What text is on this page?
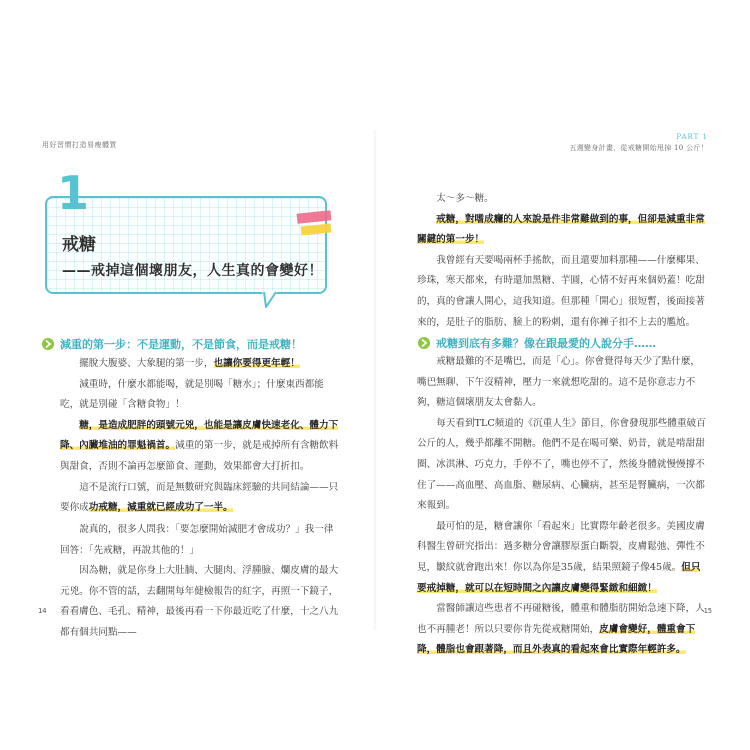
用好習慣打造易瘦體質
1
戒糖
——戒掉這個壞朋友，人生真的會變好！
減重的第一步：不是運動，不是節食，而是戒糖！

擺脫大腹婆、大象腿的第一步，也讓你要得更年輕！

減重時，什麼水都能喝，就是別喝「糖水」；什麼東西都能吃，就是別碰「含糖食物」！

糖，是造成肥胖的頭號元兇，也能是讓皮膚快速老化、體力下降、內臟堆油的罪魁禍首。減重的第一步，就是戒掉所有含糖飲料與甜食，否則不論再怎麼節食、運動，效果都會大打折扣。

這不是流行口號，而是無數研究與臨床經驗的共同結論——只要你成功戒糖，減重就已經成功了一半。

說真的，很多人問我：「要怎麼開始減肥才會成功？」我一律回答：「先戒糖，再說其他的！」

因為糖，就是你身上大肚腩、大腿肉、浮腫臉、爛皮膚的最大元兇。你不管的話，去翻開每年健檢報告的紅字，再照一下鏡子，看看膚色、毛孔、精神，最後再看一下你最近吃了什麼，十之八九都有個共同點——

14
PART 1
五週變身計畫，從戒糖開始甩掉 10 公斤！

太～多～糖。

戒糖，對嗜成癮的人來說是件非常難做到的事，但卻是減重非常關鍵的第一步！

我曾經有天要喝兩杯手搖飲，而且還要加料那種——什麼椰果、珍珠，寒天都來，有時還加黑糖、芋圓，心情不好再來個奶蓋！吃甜的，真的會讓人開心，這我知道。但那種「開心」很短暫，後面接著來的，是肚子的脂肪、臉上的粉刺，還有你褲子扣不上去的尷尬。

戒糖到底有多難？像在跟最愛的人說分手……

戒糖最難的不是嘴巴，而是「心」。你會覺得每天少了點什麼，嘴巴無聊、下午沒精神，壓力一來就想吃甜的。這不是你意志力不夠，糖這個壞朋友太會黏人。

每天看到TLC頻道的《沉重人生》節目，你會發現那些體重破百公斤的人，幾乎都離不開糖。他們不是在喝可樂、奶昔，就是啃甜甜圈、冰淇淋、巧克力，手停不了，嘴也停不了，然後身體就慢慢撐不住了——高血壓、高血脂、糖尿病、心臟病，甚至是腎臟病，一次都來報到。

最可怕的是，糖會讓你「看起來」比實際年齡老很多。美國皮膚科醫生曾研究指出：過多糖分會讓膠原蛋白斷裂，皮膚鬆弛、彈性不見，皺紋就會跑出來！你以為你是35歲，結果照鏡子像45歲。但只要戒掉糖，就可以在短時間之內讓皮膚變得緊緻和細緻！

當醫師讓這些患者不再碰糖後，體重和體脂肪開始急速下降，人也不再腫老！所以只要你肯先從戒糖開始，皮膚會變好，體重會下降，體脂也會跟著降，而且外表真的看起來會比實際年輕許多。

15
